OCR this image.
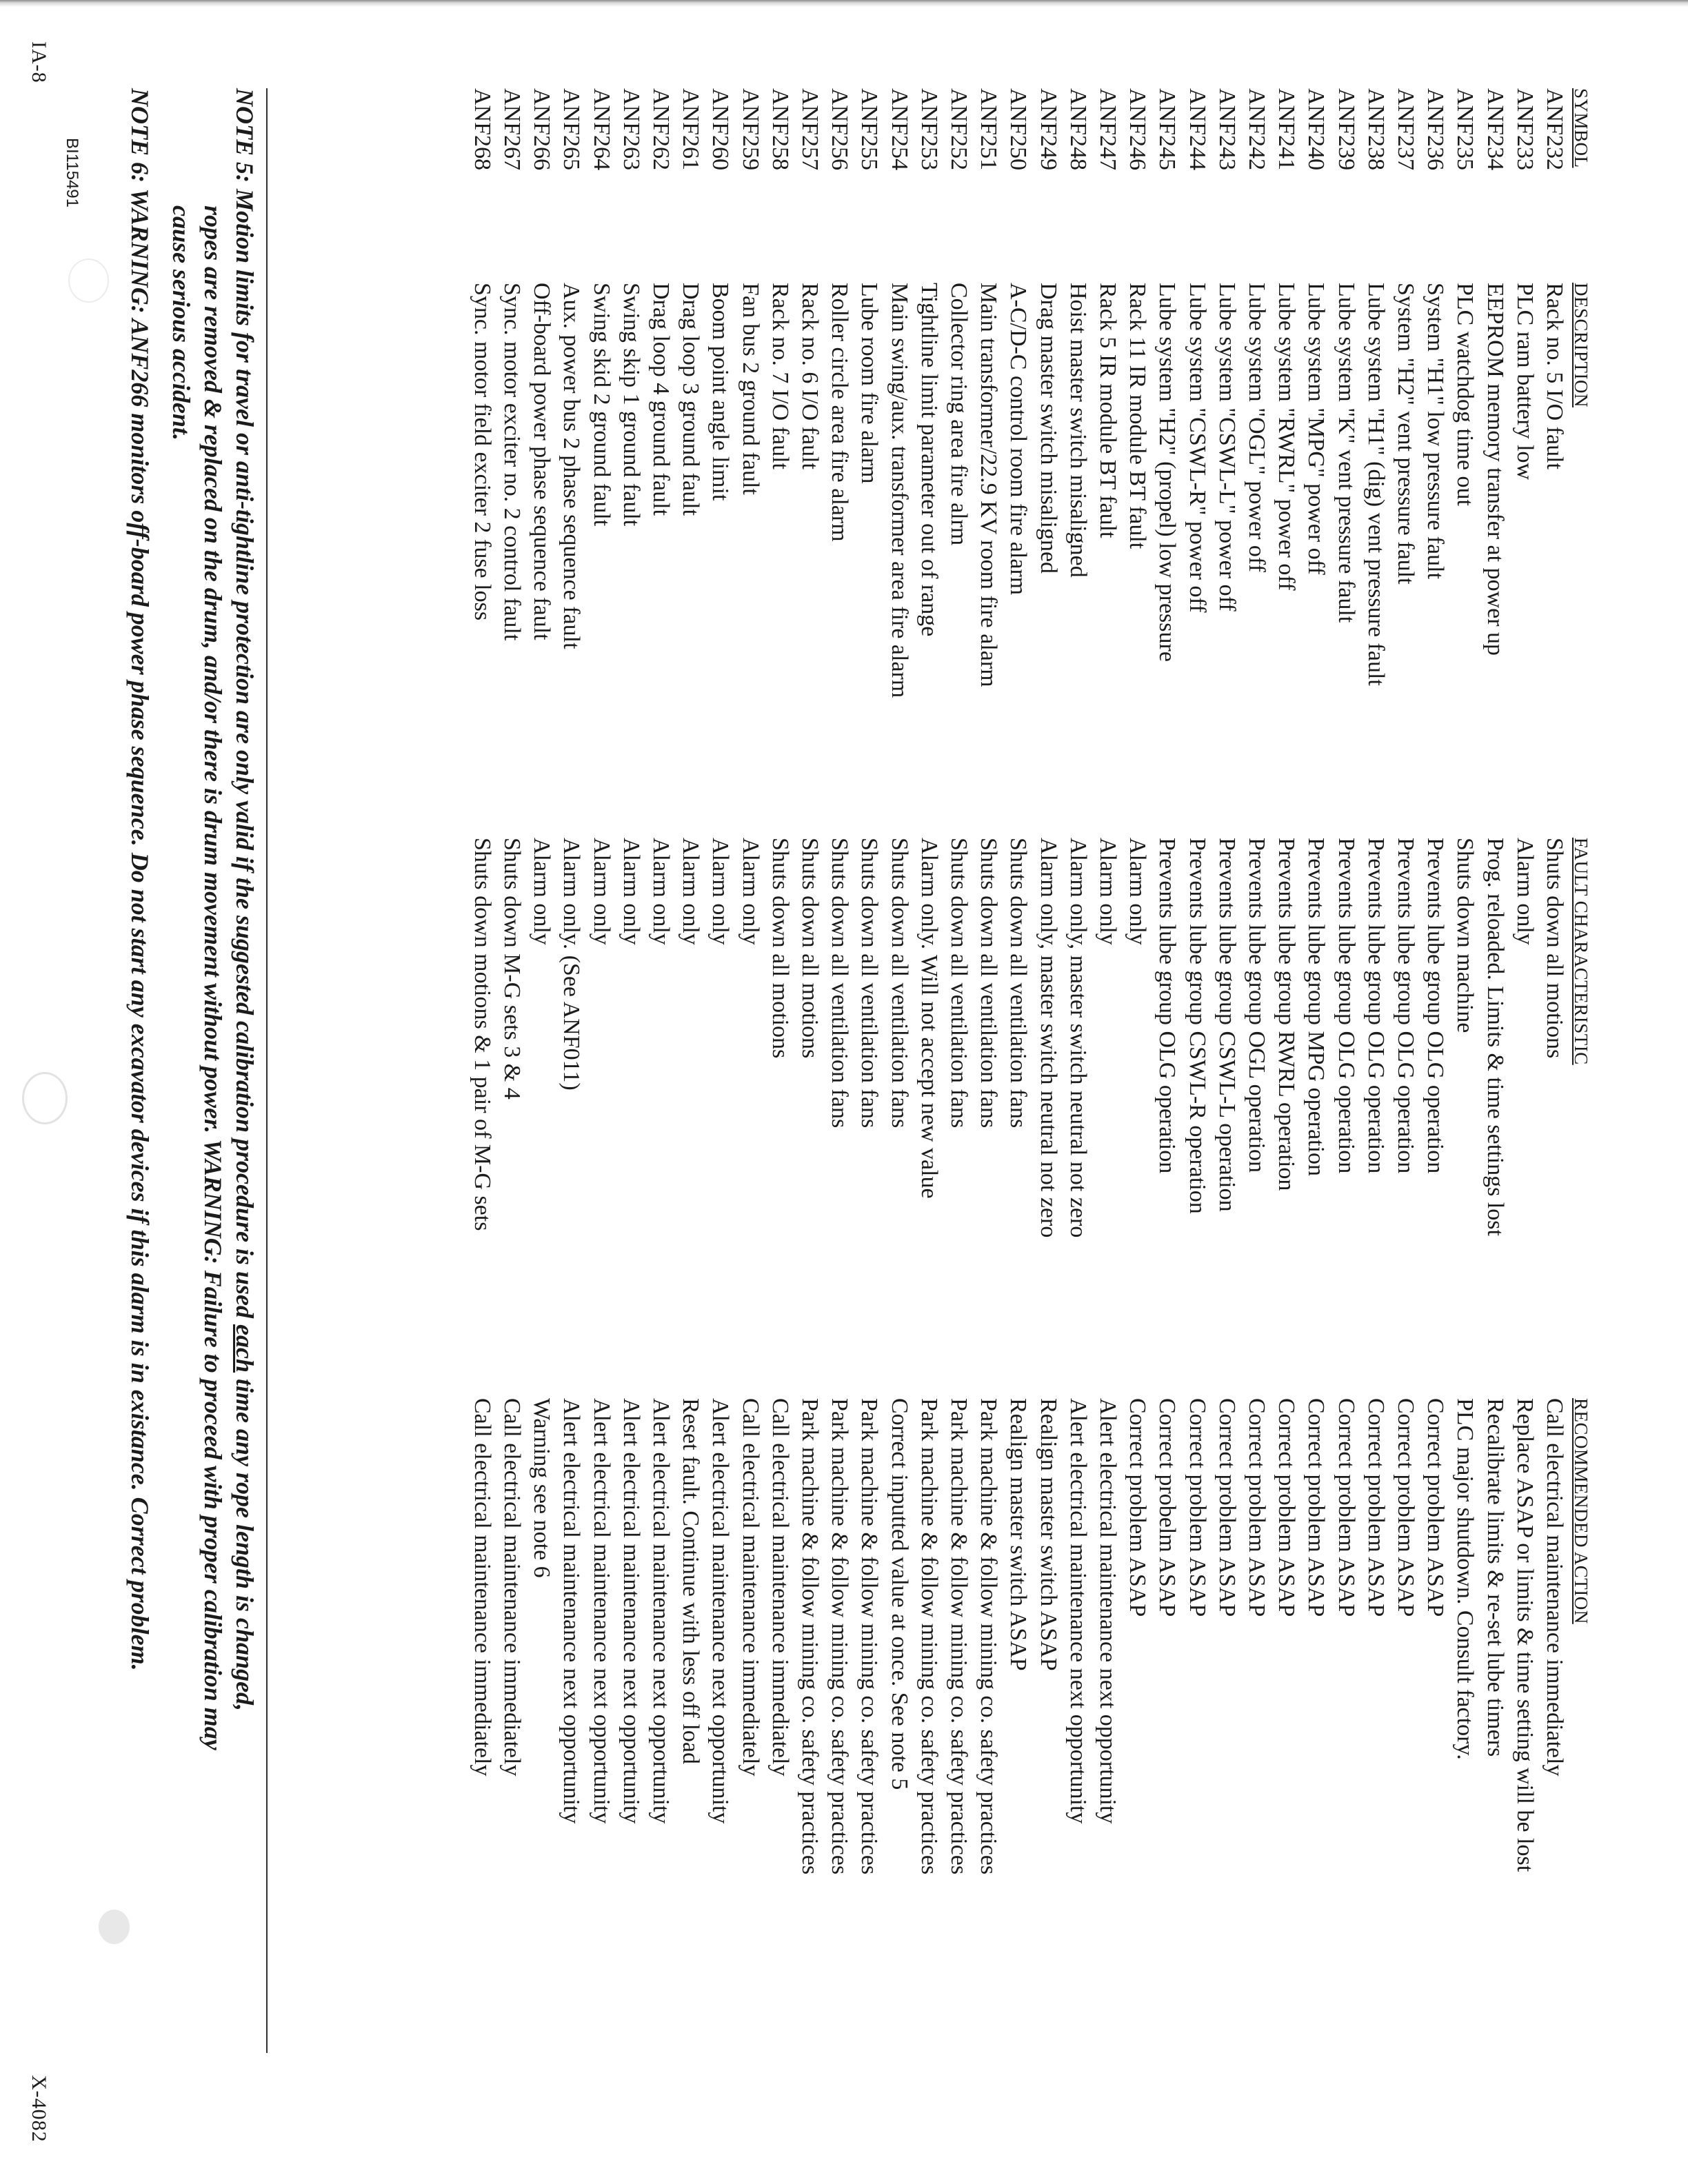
IA-8
BI115491
X-4082
SYMBOL
DESCRIPTION
FAULT CHARACTERISTIC
RECOMMENDED ACTION
ANF232
Rack no. 5 I/O fault
Shuts down all motions
Call electrical maintenance immediately
ANF233
PLC ram battery low
Alarm only
Replace ASAP or limits & time setting will be lost
ANF234
EEPROM memory transfer at power up
Prog. reloaded. Limits & time settings lost
Recalibrate limits & re-set lube timers
ANF235
PLC watchdog time out
Shuts down machine
PLC major shutdown. Consult factory.
ANF236
System "H1" low pressure fault
Prevents lube group OLG operation
Correct problem ASAP
ANF237
System "H2" vent pressure fault
Prevents lube group OLG operation
Correct problem ASAP
ANF238
Lube system "H1" (dig) vent pressure fault
Prevents lube group OLG operation
Correct problem ASAP
ANF239
Lube system "K" vent pressure fault
Prevents lube group OLG operation
Correct problem ASAP
ANF240
Lube system "MPG" power off
Prevents lube group MPG operation
Correct problem ASAP
ANF241
Lube system "RWRL" power off
Prevents lube group RWRL operation
Correct problem ASAP
ANF242
Lube system "OGL" power off
Prevents lube group OGL operation
Correct problem ASAP
ANF243
Lube system "CSWL-L" power off
Prevents lube group CSWL-L operation
Correct problem ASAP
ANF244
Lube system "CSWL-R" power off
Prevents lube group CSWL-R operation
Correct problem ASAP
ANF245
Lube system "H2" (propel) low pressure
Prevents lube group OLG operation
Correct probelm ASAP
ANF246
Rack 11 IR module BT fault
Alarm only
Correct problem ASAP
ANF247
Rack 5 IR module BT fault
Alarm only
Alert electrical maintenance next opportunity
ANF248
Hoist master switch misaligned
Alarm only, master switch neutral not zero
Alert electrical maintenance next opportunity
ANF249
Drag master switch misaligned
Alarm only, master switch neutral not zero
Realign master switch ASAP
ANF250
A-C/D-C control room fire alarm
Shuts down all ventilation fans
Realign master switch ASAP
ANF251
Main transformer/22.9 KV room fire alarm
Shuts down all ventilation fans
Park machine & follow mining co. safety practices
ANF252
Collector ring area fire alrm
Shuts down all ventilation fans
Park machine & follow mining co. safety practices
ANF253
Tightline limit parameter out of range
Alarm only. Will not accept new value
Park machine & follow mining co. safety practices
ANF254
Main swing/aux. transformer area fire alarm
Shuts down all ventilation fans
Correct inputted value at once. See note 5
ANF255
Lube room fire alarm
Shuts down all ventilation fans
Park machine & follow mining co. safety practices
ANF256
Roller circle area fire alarm
Shuts down all ventilation fans
Park machine & follow mining co. safety practices
ANF257
Rack no. 6 I/O fault
Shuts down all motions
Park machine & follow mining co. safety practices
ANF258
Rack no. 7 I/O fault
Shuts down all motions
Call electrical maintenance immediately
ANF259
Fan bus 2 ground fault
Alarm only
Call electrical maintenance immediately
ANF260
Boom point angle limit
Alarm only
Alert electrical maintenance next opportunity
ANF261
Drag loop 3 ground fault
Alarm only
Reset fault. Continue with less off load
ANF262
Drag loop 4 ground fault
Alarm only
Alert electrical maintenance next opportunity
ANF263
Swing skip 1 ground fault
Alarm only
Alert electrical maintenance next opportunity
ANF264
Swing skid 2 ground fault
Alarm only
Alert electrical maintenance next opportunity
ANF265
Aux. power bus 2 phase sequence fault
Alarm only. (See ANF011)
Alert electrical maintenance next opportunity
ANF266
Off-board power phase sequence fault
Alarm only
Warning see note 6
ANF267
Sync. motor exciter no. 2 control fault
Shuts down M-G sets 3 & 4
Call electrical maintenance immediately
ANF268
Sync. motor field exciter 2 fuse loss
Shuts down motions & 1 pair of M-G sets
Call electrical maintenance immediately

NOTE 5: Motion limits for travel or anti-tightline protection are only valid if the suggested calibration procedure is used each time any rope length is changed,
ropes are removed & replaced on the drum, and/or there is drum movement without power. WARNING: Failure to proceed with proper calibration may
cause serious accident.

NOTE 6: WARNING: ANF266 monitors off-board power phase sequence. Do not start any excavator devices if this alarm is in existance. Correct problem.
